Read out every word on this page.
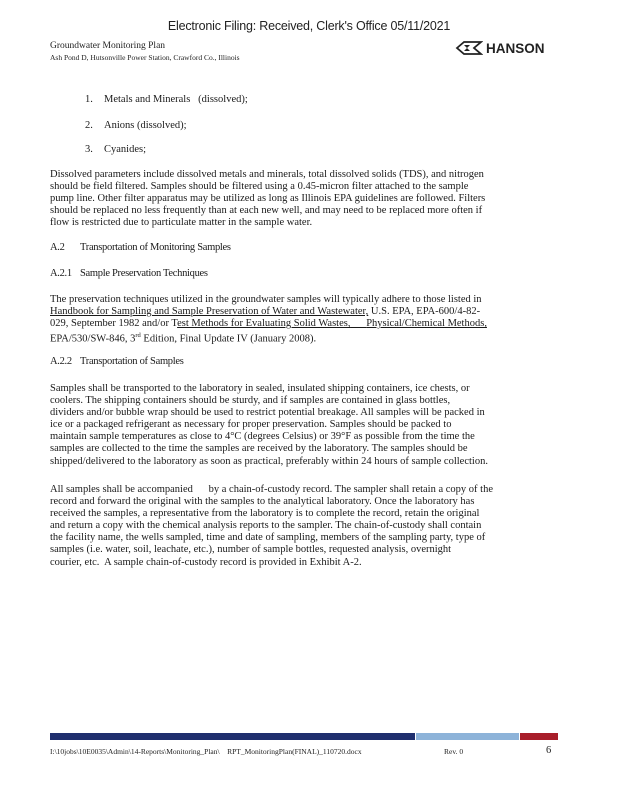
Electronic Filing: Received, Clerk's Office 05/11/2021
Groundwater Monitoring Plan
Ash Pond D, Hutsonville Power Station, Crawford Co., Illinois
HANSON
1. Metals and Minerals   (dissolved);
2. Anions (dissolved);
3. Cyanides;
Dissolved parameters include dissolved metals and minerals, total dissolved solids (TDS), and nitrogen
should be field filtered. Samples should be filtered using a 0.45-micron filter attached to the sample
pump line. Other filter apparatus may be utilized as long as Illinois EPA guidelines are followed. Filters
should be replaced no less frequently than at each new well, and may need to be replaced more often if
flow is restricted due to particulate matter in the sample water.
A.2 Transportation of Monitoring Samples
A.2.1 Sample Preservation Techniques
The preservation techniques utilized in the groundwater samples will typically adhere to those listed in
Handbook for Sampling and Sample Preservation of Water and Wastewater, U.S. EPA, EPA-600/4-82-
029, September 1982 and/or Test Methods for Evaluating Solid Wastes, Physical/Chemical Methods,
EPA/530/SW-846, 3rd Edition, Final Update IV (January 2008).
A.2.2 Transportation of Samples
Samples shall be transported to the laboratory in sealed, insulated shipping containers, ice chests, or
coolers. The shipping containers should be sturdy, and if samples are contained in glass bottles,
dividers and/or bubble wrap should be used to restrict potential breakage. All samples will be packed in
ice or a packaged refrigerant as necessary for proper preservation. Samples should be packed to
maintain sample temperatures as close to 4°C (degrees Celsius) or 39°F as possible from the time the
samples are collected to the time the samples are received by the laboratory. The samples should be
shipped/delivered to the laboratory as soon as practical, preferably within 24 hours of sample collection.
All samples shall be accompanied      by a chain-of-custody record. The sampler shall retain a copy of the
record and forward the original with the samples to the analytical laboratory. Once the laboratory has
received the samples, a representative from the laboratory is to complete the record, retain the original
and return a copy with the chemical analysis reports to the sampler. The chain-of-custody shall contain
the facility name, the wells sampled, time and date of sampling, members of the sampling party, type of
samples (i.e. water, soil, leachate, etc.), number of sample bottles, requested analysis, overnight
courier, etc.  A sample chain-of-custody record is provided in Exhibit A-2.
I:\10jobs\10E0035\Admin\14-Reports\Monitoring_Plan\    RPT_MonitoringPlan(FINAL)_110720.docx	Rev. 0	6
